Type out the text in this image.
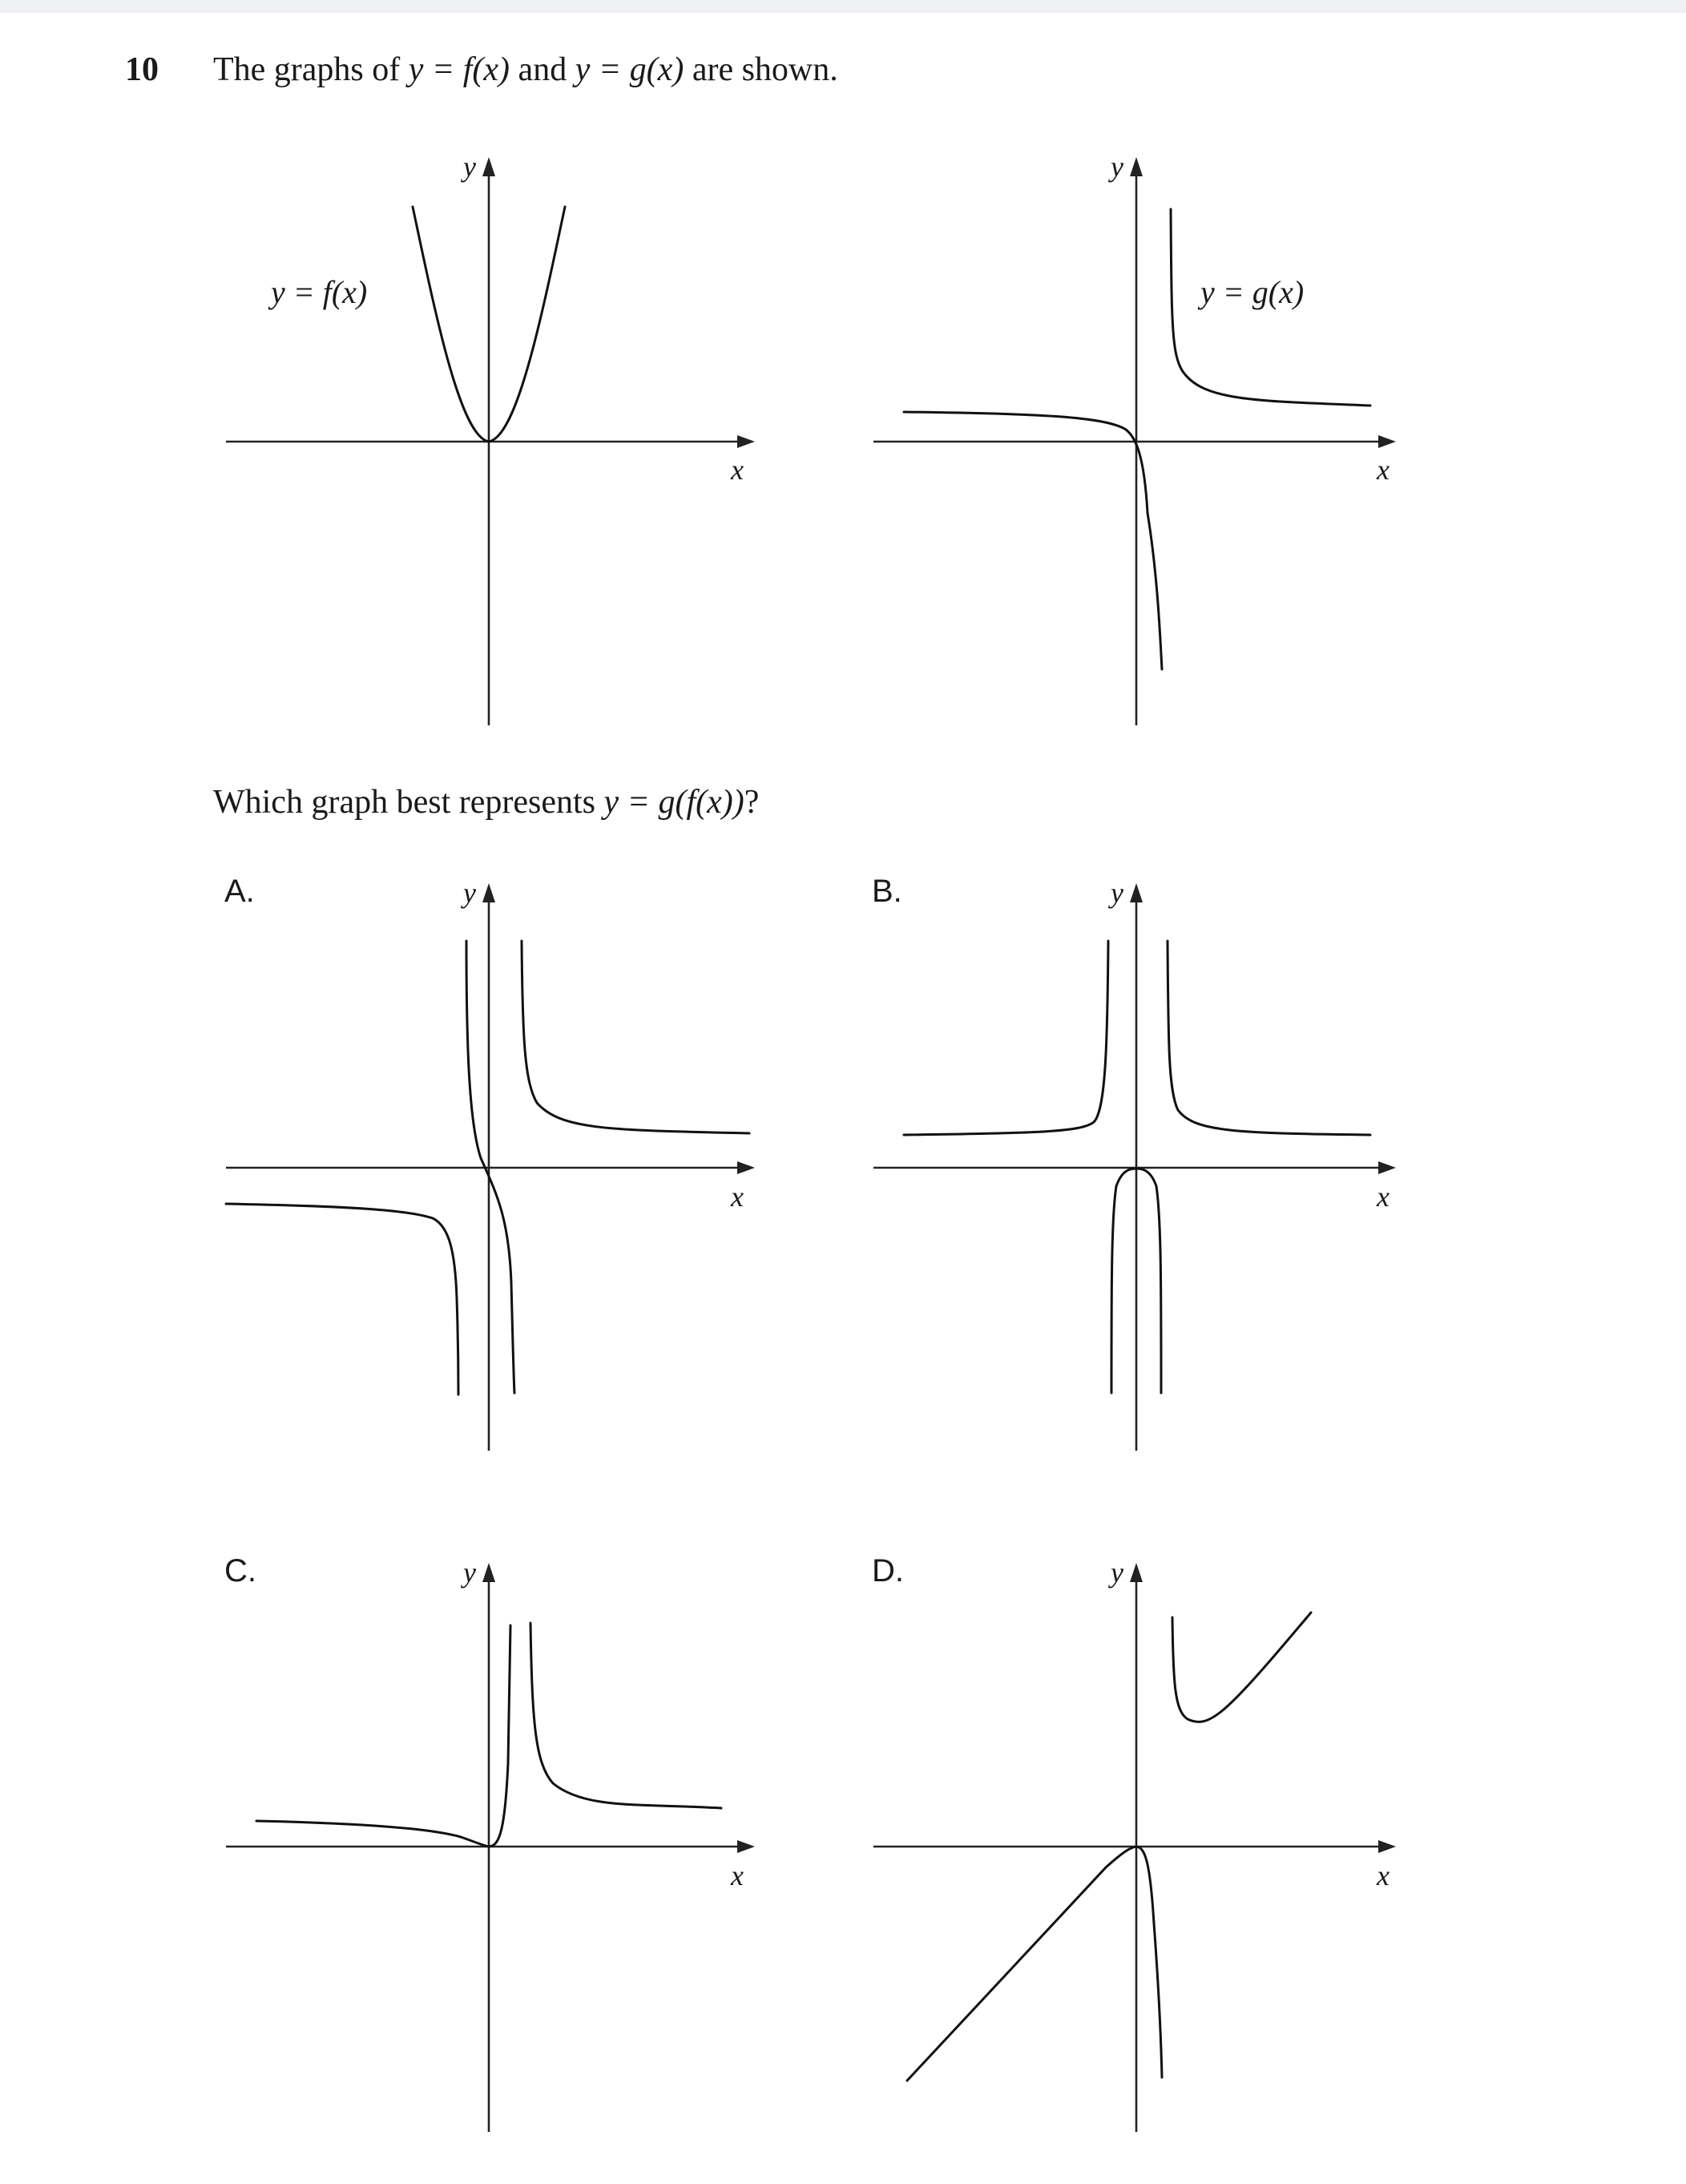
10 The graphs of y = f(x) and y = g(x) are shown.
Which graph best represents y = g(f(x))?
A.	B.
C.	D.
y
x
y = f(x)
y
x
y = g(x)
y
x
y
x
y
x
y
x
